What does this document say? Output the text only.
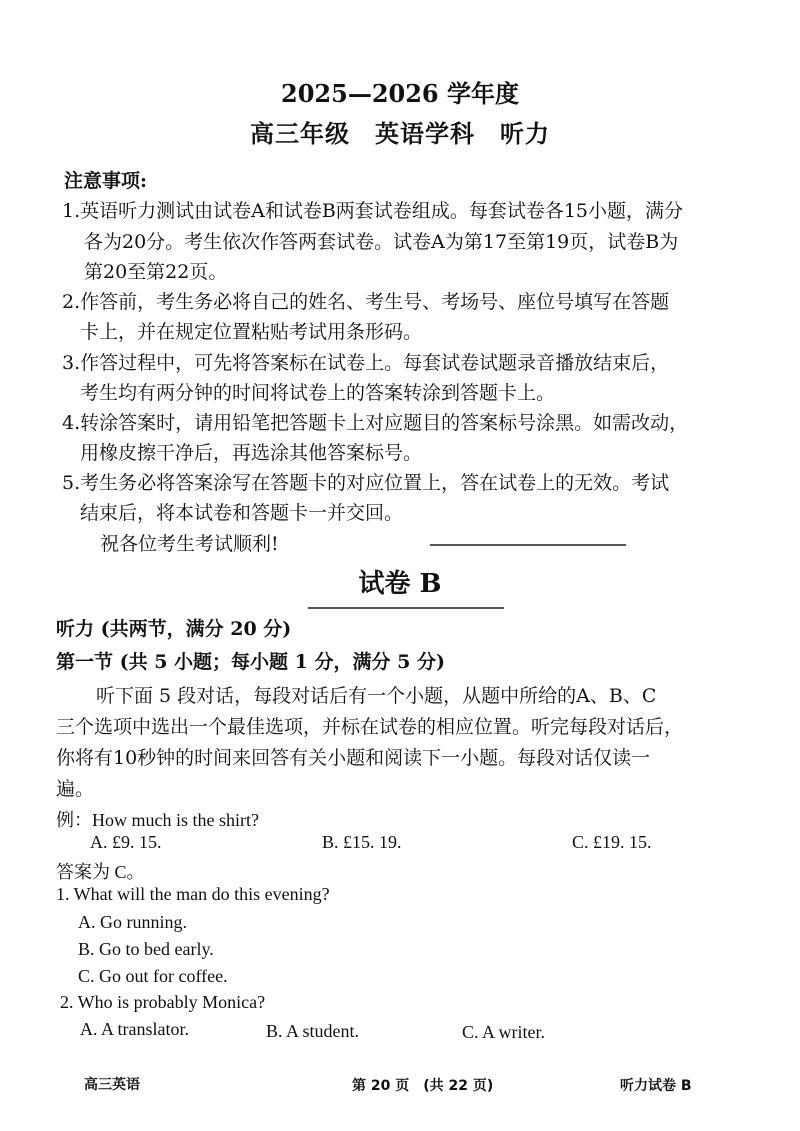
2025—2026 学年度
高三年级　英语学科　听力
注意事项:
1.英语听力测试由试卷A和试卷B两套试卷组成。每套试卷各15小题，满分
各为20分。考生依次作答两套试卷。试卷A为第17至第19页，试卷B为
第20至第22页。
2.作答前，考生务必将自己的姓名、考生号、考场号、座位号填写在答题
卡上，并在规定位置粘贴考试用条形码。
3.作答过程中，可先将答案标在试卷上。每套试卷试题录音播放结束后，
考生均有两分钟的时间将试卷上的答案转涂到答题卡上。
4.转涂答案时，请用铅笔把答题卡上对应题目的答案标号涂黑。如需改动，
用橡皮擦干净后，再选涂其他答案标号。
5.考生务必将答案涂写在答题卡的对应位置上，答在试卷上的无效。考试
结束后，将本试卷和答题卡一并交回。
祝各位考生考试顺利!
试卷 B
听力 (共两节，满分 20 分)
第一节 (共 5 小题；每小题 1 分，满分 5 分)
听下面 5 段对话，每段对话后有一个小题，从题中所给的A、B、C
三个选项中选出一个最佳选项，并标在试卷的相应位置。听完每段对话后，
你将有10秒钟的时间来回答有关小题和阅读下一小题。每段对话仅读一
遍。
例：How much is the shirt?
A. £9. 15.	B. £15. 19.	C. £19. 15.
答案为 C。
1. What will the man do this evening?
A. Go running.
B. Go to bed early.
C. Go out for coffee.
2. Who is probably Monica?
A. A translator.	B. A student.	C. A writer.
高三英语	第 20 页　(共 22 页)	听力试卷 B
